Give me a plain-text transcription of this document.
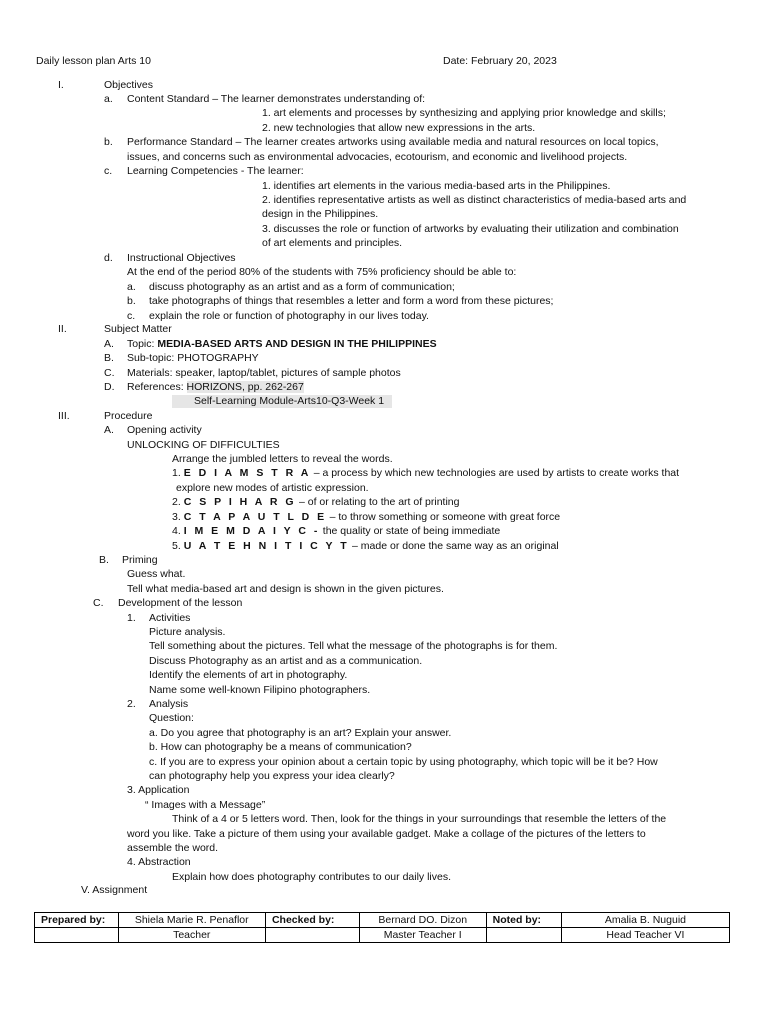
Daily lesson plan Arts 10	Date: February 20, 2023
I.	Objectives
a. Content Standard – The learner demonstrates understanding of:
1. art elements and processes by synthesizing and applying prior knowledge and skills;
2. new technologies that allow new expressions in the arts.
b. Performance Standard – The learner creates artworks using available media and natural resources on local topics,
issues, and concerns such as environmental advocacies, ecotourism, and economic and livelihood projects.
c. Learning Competencies - The learner:
1. identifies art elements in the various media-based arts in the Philippines.
2. identifies representative artists as well as distinct characteristics of media-based arts and
design in the Philippines.
3. discusses the role or function of artworks by evaluating their utilization and combination
of art elements and principles.
d. Instructional Objectives
At the end of the period 80% of the students with 75% proficiency should be able to:
a. discuss photography as an artist and as a form of communication;
b. take photographs of things that resembles a letter and form a word from these pictures;
c. explain the role or function of photography in our lives today.
II.	Subject Matter
A. Topic: MEDIA-BASED ARTS AND DESIGN IN THE PHILIPPINES
B. Sub-topic: PHOTOGRAPHY
C. Materials: speaker, laptop/tablet, pictures of sample photos
D. References: HORIZONS, pp. 262-267
Self-Learning Module-Arts10-Q3-Week 1
III.	Procedure
A. Opening activity
UNLOCKING OF DIFFICULTIES
Arrange the jumbled letters to reveal the words.
1. E D I A M S T R A – a process by which new technologies are used by artists to create works that
explore new modes of artistic expression.
2. C S P I H A R G – of or relating to the art of printing
3. C T A P A U T L D E – to throw something or someone with great force
4. I M E M D A I Y C - the quality or state of being immediate
5. U A T E H N I T I C Y T – made or done the same way as an original
B. Priming
Guess what.
Tell what media-based art and design is shown in the given pictures.
C. Development of the lesson
1. Activities
Picture analysis.
Tell something about the pictures. Tell what the message of the photographs is for them.
Discuss Photography as an artist and as a communication.
Identify the elements of art in photography.
Name some well-known Filipino photographers.
2. Analysis
Question:
a. Do you agree that photography is an art? Explain your answer.
b. How can photography be a means of communication?
c. If you are to express your opinion about a certain topic by using photography, which topic will be it be? How
can photography help you express your idea clearly?
3. Application
“ Images with a Message”
Think of a 4 or 5 letters word. Then, look for the things in your surroundings that resemble the letters of the
word you like. Take a picture of them using your available gadget. Make a collage of the pictures of the letters to
assemble the word.
4. Abstraction
Explain how does photography contributes to our daily lives.
V. Assignment
Prepared by:	Shiela Marie R. Penaflor	Checked by:	Bernard DO. Dizon	Noted by:	Amalia B. Nuguid
	Teacher		Master Teacher I		Head Teacher VI
